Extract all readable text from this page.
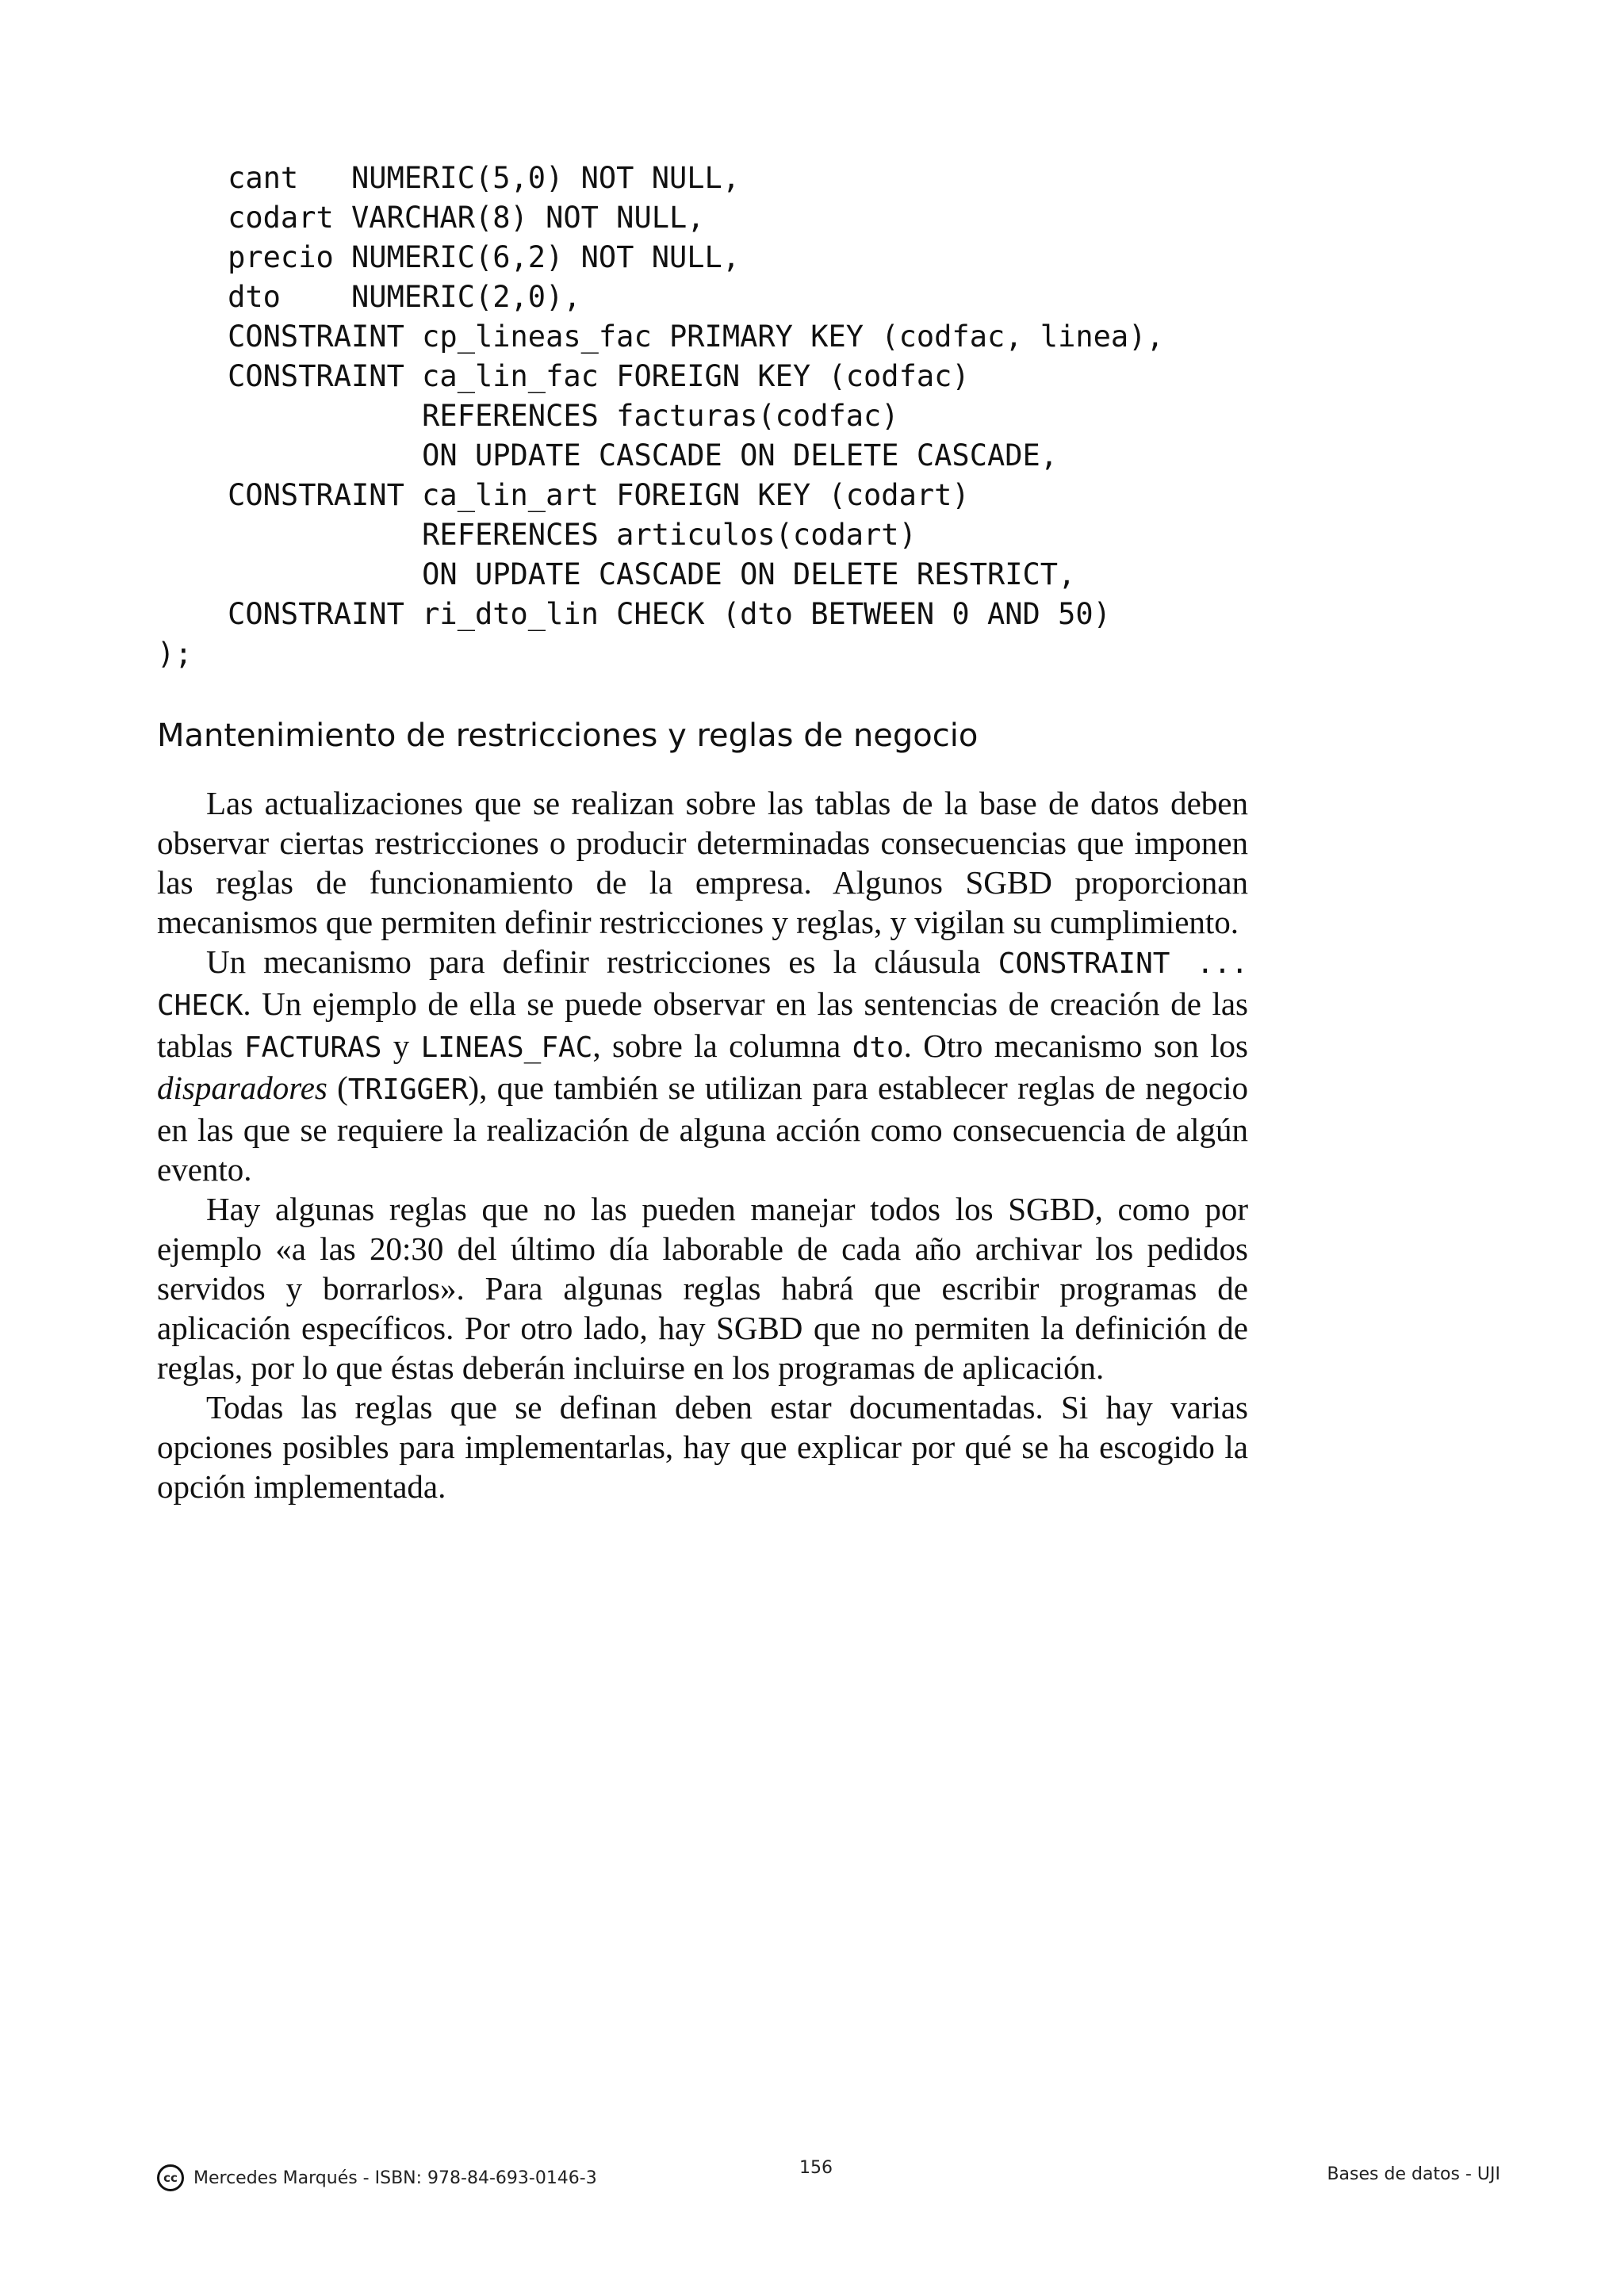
cant   NUMERIC(5,0) NOT NULL,
codart VARCHAR(8) NOT NULL,
precio NUMERIC(6,2) NOT NULL,
dto    NUMERIC(2,0),
CONSTRAINT cp_lineas_fac PRIMARY KEY (codfac, linea),
CONSTRAINT ca_lin_fac FOREIGN KEY (codfac)
REFERENCES facturas(codfac)
ON UPDATE CASCADE ON DELETE CASCADE,
CONSTRAINT ca_lin_art FOREIGN KEY (codart)
REFERENCES articulos(codart)
ON UPDATE CASCADE ON DELETE RESTRICT,
CONSTRAINT ri_dto_lin CHECK (dto BETWEEN 0 AND 50)
);
Mantenimiento de restricciones y reglas de negocio

Las actualizaciones que se realizan sobre las tablas de la base de datos deben observar ciertas restricciones o producir determinadas consecuencias que imponen las reglas de funcionamiento de la empresa. Algunos SGBD proporcionan mecanismos que permiten definir restricciones y reglas, y vigilan su cumplimiento.

Un mecanismo para definir restricciones es la cláusula CONSTRAINT ... CHECK. Un ejemplo de ella se puede observar en las sentencias de creación de las tablas FACTURAS y LINEAS_FAC, sobre la columna dto. Otro mecanismo son los disparadores (TRIGGER), que también se utilizan para establecer reglas de negocio en las que se requiere la realización de alguna acción como consecuencia de algún evento.

Hay algunas reglas que no las pueden manejar todos los SGBD, como por ejemplo «a las 20:30 del último día laborable de cada año archivar los pedidos servidos y borrarlos». Para algunas reglas habrá que escribir programas de aplicación específicos. Por otro lado, hay SGBD que no permiten la definición de reglas, por lo que éstas deberán incluirse en los programas de aplicación.

Todas las reglas que se definan deben estar documentadas. Si hay varias opciones posibles para implementarlas, hay que explicar por qué se ha escogido la opción implementada.

cc Mercedes Marqués - ISBN: 978-84-693-0146-3	156	Bases de datos - UJI
